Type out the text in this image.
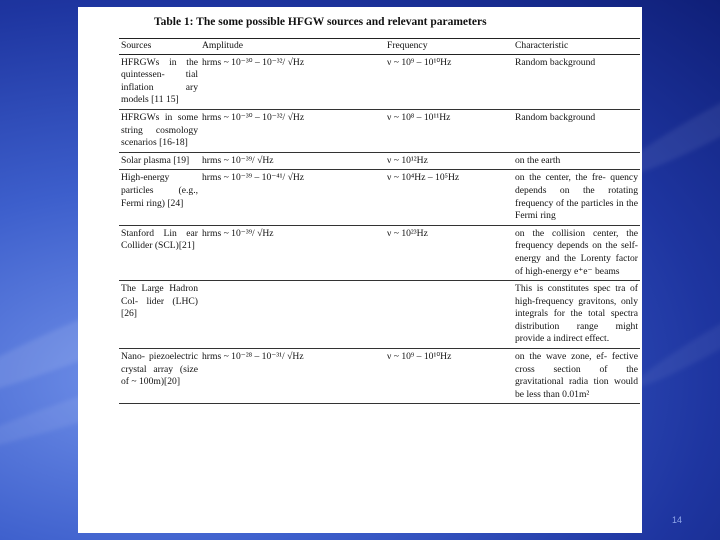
Table 1: The some possible HFGW sources and relevant parameters
Sources	Amplitude	Frequency	Characteristic
HFRGWs in the quintessen- tial inflation ary models [11 15]	hrms ~ 10⁻³⁰ – 10⁻³²/ √Hz	ν ~ 10⁹ – 10¹⁰Hz	Random background
HFRGWs in some string cosmology scenarios [16-18]	hrms ~ 10⁻³⁰ – 10⁻³²/ √Hz	ν ~ 10⁸ – 10¹¹Hz	Random background
Solar plasma [19]	hrms ~ 10⁻³⁹/ √Hz	ν ~ 10¹²Hz	on the earth
High-energy particles (e.g., Fermi ring) [24]	hrms ~ 10⁻³⁹ – 10⁻⁴¹/ √Hz	ν ~ 10⁴Hz – 10⁵Hz	on the center, the fre- quency depends on the rotating frequency of the particles in the Fermi ring
Stanford Lin ear Collider (SCL)[21]	hrms ~ 10⁻³⁹/ √Hz	ν ~ 10²³Hz	on the collision center, the frequency depends on the self-energy and the Lorenty factor of high-energy e⁺e⁻ beams
The Large Hadron Col- lider (LHC) [26]			This is constitutes spec tra of high-frequency gravitons, only integrals for the total spectra distribution range might provide a indirect effect.
Nano- piezoelectric crystal array (size of ~ 100m)[20]	hrms ~ 10⁻²⁸ – 10⁻³¹/ √Hz	ν ~ 10⁹ – 10¹⁰Hz	on the wave zone, ef- fective cross section of the gravitational radia tion would be less than 0.01m²
14
